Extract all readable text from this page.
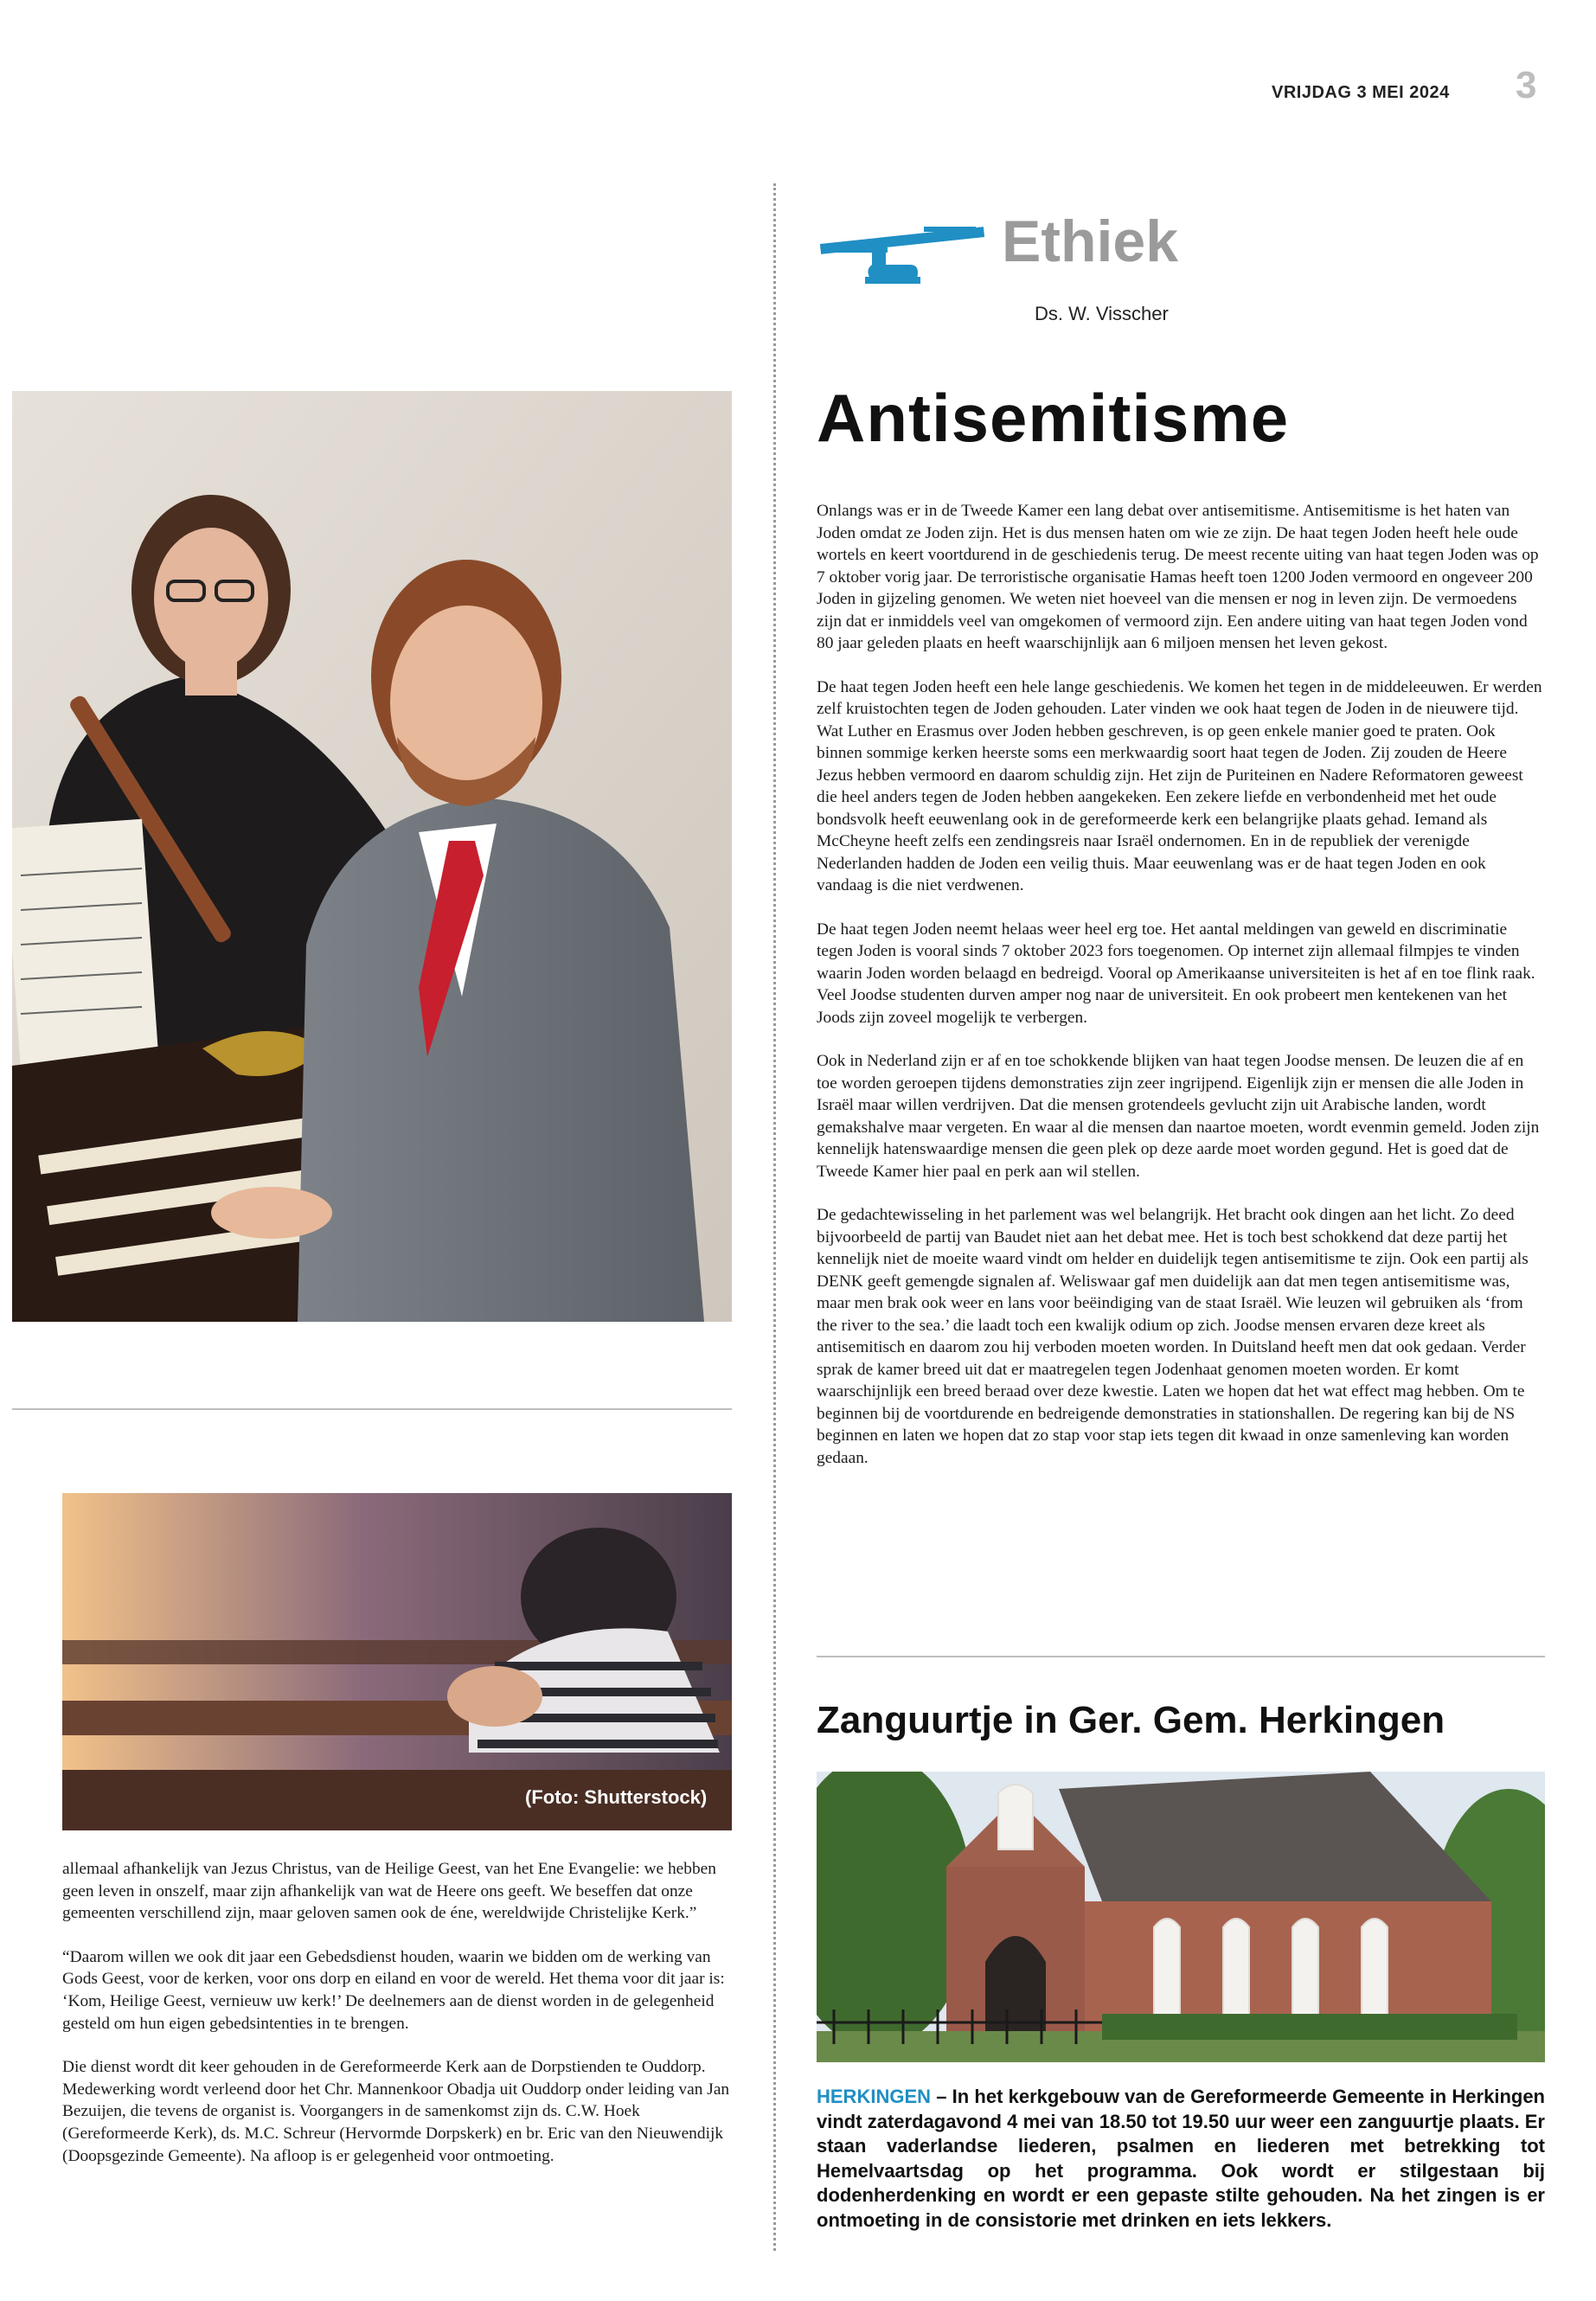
VRIJDAG 3 MEI 2024 3
Ethiek
Ds. W. Visscher
Antisemitisme

Onlangs was er in de Tweede Kamer een lang debat over antisemitisme. Antisemitisme is het haten van Joden omdat ze Joden zijn. Het is dus mensen haten om wie ze zijn. De haat tegen Joden heeft hele oude wortels en keert voortdurend in de geschiedenis terug. De meest recente uiting van haat tegen Joden was op 7 oktober vorig jaar. De terroristische organisatie Hamas heeft toen 1200 Joden vermoord en ongeveer 200 Joden in gijzeling genomen. We weten niet hoeveel van die mensen er nog in leven zijn. De vermoedens zijn dat er inmiddels veel van omgekomen of vermoord zijn. Een andere uiting van haat tegen Joden vond 80 jaar geleden plaats en heeft waarschijnlijk aan 6 miljoen mensen het leven gekost.

De haat tegen Joden heeft een hele lange geschiedenis. We komen het tegen in de middeleeuwen. Er werden zelf kruistochten tegen de Joden gehouden. Later vinden we ook haat tegen de Joden in de nieuwere tijd. Wat Luther en Erasmus over Joden hebben geschreven, is op geen enkele manier goed te praten. Ook binnen sommige kerken heerste soms een merkwaardig soort haat tegen de Joden. Zij zouden de Heere Jezus hebben vermoord en daarom schuldig zijn. Het zijn de Puriteinen en Nadere Reformatoren geweest die heel anders tegen de Joden hebben aangekeken. Een zekere liefde en verbondenheid met het oude bondsvolk heeft eeuwenlang ook in de gereformeerde kerk een belangrijke plaats gehad. Iemand als McCheyne heeft zelfs een zendingsreis naar Israël ondernomen. En in de republiek der verenigde Nederlanden hadden de Joden een veilig thuis. Maar eeuwenlang was er de haat tegen Joden en ook vandaag is die niet verdwenen.

De haat tegen Joden neemt helaas weer heel erg toe. Het aantal meldingen van geweld en discriminatie tegen Joden is vooral sinds 7 oktober 2023 fors toegenomen. Op internet zijn allemaal filmpjes te vinden waarin Joden worden belaagd en bedreigd. Vooral op Amerikaanse universiteiten is het af en toe flink raak. Veel Joodse studenten durven amper nog naar de universiteit. En ook probeert men kentekenen van het Joods zijn zoveel mogelijk te verbergen.

Ook in Nederland zijn er af en toe schokkende blijken van haat tegen Joodse mensen. De leuzen die af en toe worden geroepen tijdens demonstraties zijn zeer ingrijpend. Eigenlijk zijn er mensen die alle Joden in Israël maar willen verdrijven. Dat die mensen grotendeels gevlucht zijn uit Arabische landen, wordt gemakshalve maar vergeten. En waar al die mensen dan naartoe moeten, wordt evenmin gemeld. Joden zijn kennelijk hatenswaardige mensen die geen plek op deze aarde moet worden gegund. Het is goed dat de Tweede Kamer hier paal en perk aan wil stellen.

De gedachtewisseling in het parlement was wel belangrijk. Het bracht ook dingen aan het licht. Zo deed bijvoorbeeld de partij van Baudet niet aan het debat mee. Het is toch best schokkend dat deze partij het kennelijk niet de moeite waard vindt om helder en duidelijk tegen antisemitisme te zijn. Ook een partij als DENK geeft gemengde signalen af. Weliswaar gaf men duidelijk aan dat men tegen antisemitisme was, maar men brak ook weer en lans voor beëindiging van de staat Israël. Wie leuzen wil gebruiken als ‘from the river to the sea.’ die laadt toch een kwalijk odium op zich. Joodse mensen ervaren deze kreet als antisemitisch en daarom zou hij verboden moeten worden. In Duitsland heeft men dat ook gedaan. Verder sprak de kamer breed uit dat er maatregelen tegen Jodenhaat genomen moeten worden. Er komt waarschijnlijk een breed beraad over deze kwestie. Laten we hopen dat het wat effect mag hebben. Om te beginnen bij de voortdurende en bedreigende demonstraties in stationshallen. De regering kan bij de NS beginnen en laten we hopen dat zo stap voor stap iets tegen dit kwaad in onze samenleving kan worden gedaan.

(Foto: Shutterstock)

allemaal afhankelijk van Jezus Christus, van de Heilige Geest, van het Ene Evangelie: we hebben geen leven in onszelf, maar zijn afhankelijk van wat de Heere ons geeft. We beseffen dat onze gemeenten verschillend zijn, maar geloven samen ook de éne, wereldwijde Christelijke Kerk.”

“Daarom willen we ook dit jaar een Gebedsdienst houden, waarin we bidden om de werking van Gods Geest, voor de kerken, voor ons dorp en eiland en voor de wereld. Het thema voor dit jaar is: ‘Kom, Heilige Geest, vernieuw uw kerk!’ De deelnemers aan de dienst worden in de gelegenheid gesteld om hun eigen gebedsintenties in te brengen.

Die dienst wordt dit keer gehouden in de Gereformeerde Kerk aan de Dorpstienden te Ouddorp. Medewerking wordt verleend door het Chr. Mannenkoor Obadja uit Ouddorp onder leiding van Jan Bezuijen, die tevens de organist is. Voorgangers in de samenkomst zijn ds. C.W. Hoek (Gereformeerde Kerk), ds. M.C. Schreur (Hervormde Dorpskerk) en br. Eric van den Nieuwendijk (Doopsgezinde Gemeente). Na afloop is er gelegenheid voor ontmoeting.

Zanguurtje in Ger. Gem. Herkingen
HERKINGEN – In het kerkgebouw van de Gereformeerde Gemeente in Herkingen vindt zaterdagavond 4 mei van 18.50 tot 19.50 uur weer een zanguurtje plaats. Er staan vaderlandse liederen, psalmen en liederen met betrekking tot Hemelvaartsdag op het programma. Ook wordt er stilgestaan bij dodenherdenking en wordt er een gepaste stilte gehouden. Na het zingen is er ontmoeting in de consistorie met drinken en iets lekkers.
